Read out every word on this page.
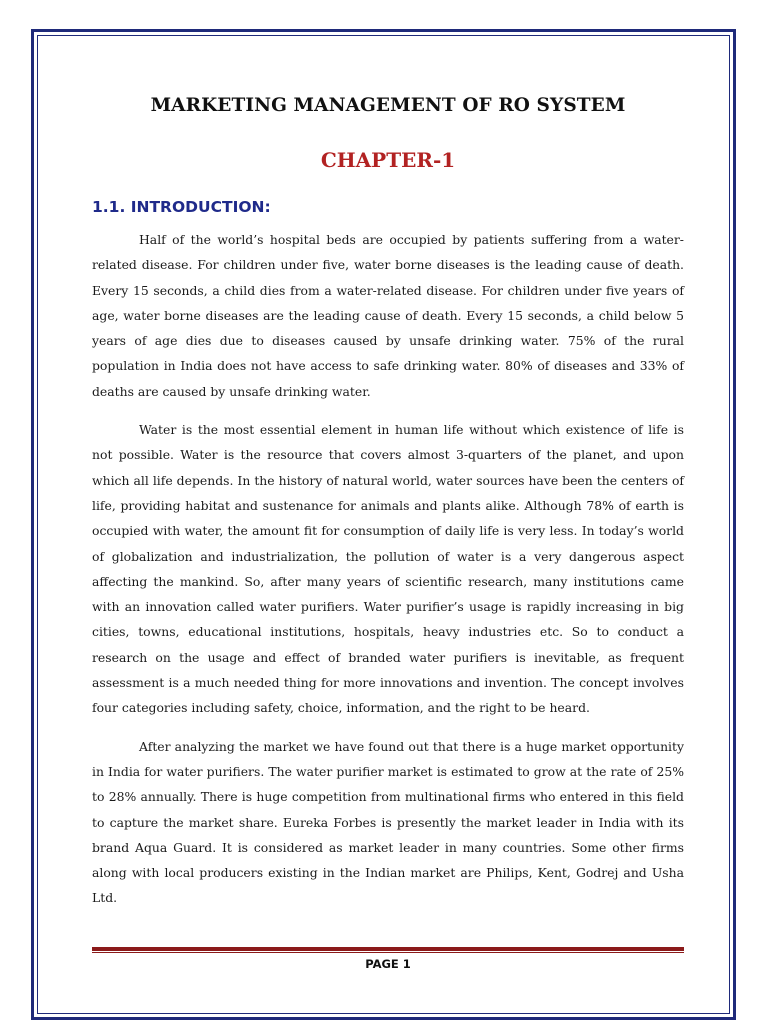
MARKETING MANAGEMENT OF RO SYSTEM
CHAPTER-1
1.1. INTRODUCTION:

Half of the world’s hospital beds are occupied by patients suffering from a water-related disease. For children under five, water borne diseases is the leading cause of death. Every 15 seconds, a child dies from a water-related disease. For children under five years of age, water borne diseases are the leading cause of death. Every 15 seconds, a child below 5 years of age dies due to diseases caused by unsafe drinking water. 75% of the rural population in India does not have access to safe drinking water. 80% of diseases and 33% of deaths are caused by unsafe drinking water.

Water is the most essential element in human life without which existence of life is not possible. Water is the resource that covers almost 3-quarters of the planet, and upon which all life depends. In the history of natural world, water sources have been the centers of life, providing habitat and sustenance for animals and plants alike. Although 78% of earth is occupied with water, the amount fit for consumption of daily life is very less. In today’s world of globalization and industrialization, the pollution of water is a very dangerous aspect affecting the mankind. So, after many years of scientific research, many institutions came with an innovation called water purifiers. Water purifier’s usage is rapidly increasing in big cities, towns, educational institutions, hospitals, heavy industries etc. So to conduct a research on the usage and effect of branded water purifiers is inevitable, as frequent assessment is a much needed thing for more innovations and invention. The concept involves four categories including safety, choice, information, and the right to be heard.

After analyzing the market we have found out that there is a huge market opportunity in India for water purifiers. The water purifier market is estimated to grow at the rate of 25% to 28% annually. There is huge competition from multinational firms who entered in this field to capture the market share. Eureka Forbes is presently the market leader in India with its brand Aqua Guard. It is considered as market leader in many countries. Some other firms along with local producers existing in the Indian market are Philips, Kent, Godrej and Usha Ltd.

PAGE 1
